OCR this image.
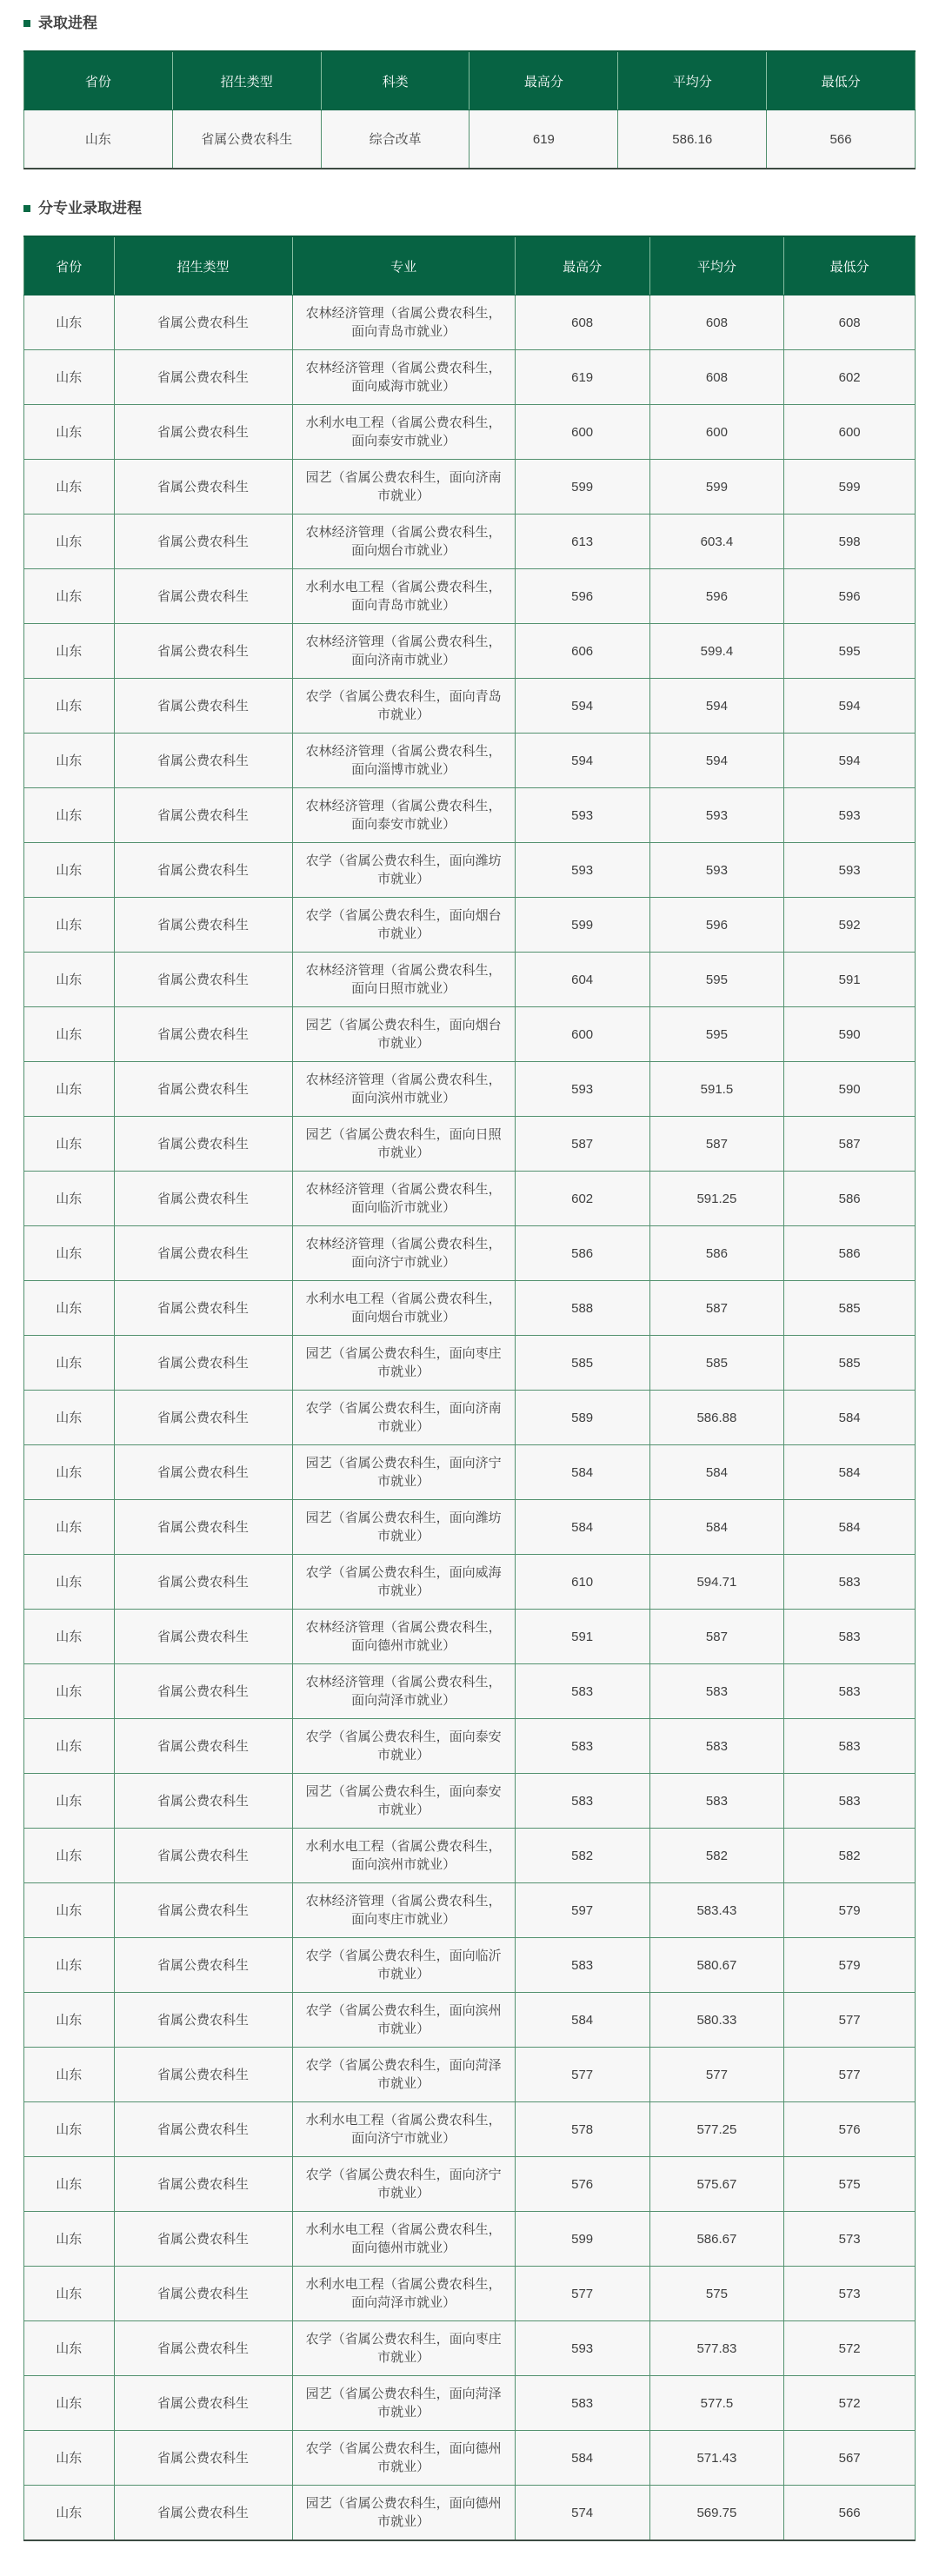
录取进程
省份	招生类型	科类	最高分	平均分	最低分
山东	省属公费农科生	综合改革	619	586.16	566
分专业录取进程
省份	招生类型	专业	最高分	平均分	最低分
山东	省属公费农科生	农林经济管理（省属公费农科生，面向青岛市就业）	608	608	608
山东	省属公费农科生	农林经济管理（省属公费农科生，面向威海市就业）	619	608	602
山东	省属公费农科生	水利水电工程（省属公费农科生，面向泰安市就业）	600	600	600
山东	省属公费农科生	园艺（省属公费农科生，面向济南市就业）	599	599	599
山东	省属公费农科生	农林经济管理（省属公费农科生，面向烟台市就业）	613	603.4	598
山东	省属公费农科生	水利水电工程（省属公费农科生，面向青岛市就业）	596	596	596
山东	省属公费农科生	农林经济管理（省属公费农科生，面向济南市就业）	606	599.4	595
山东	省属公费农科生	农学（省属公费农科生，面向青岛市就业）	594	594	594
山东	省属公费农科生	农林经济管理（省属公费农科生，面向淄博市就业）	594	594	594
山东	省属公费农科生	农林经济管理（省属公费农科生，面向泰安市就业）	593	593	593
山东	省属公费农科生	农学（省属公费农科生，面向潍坊市就业）	593	593	593
山东	省属公费农科生	农学（省属公费农科生，面向烟台市就业）	599	596	592
山东	省属公费农科生	农林经济管理（省属公费农科生，面向日照市就业）	604	595	591
山东	省属公费农科生	园艺（省属公费农科生，面向烟台市就业）	600	595	590
山东	省属公费农科生	农林经济管理（省属公费农科生，面向滨州市就业）	593	591.5	590
山东	省属公费农科生	园艺（省属公费农科生，面向日照市就业）	587	587	587
山东	省属公费农科生	农林经济管理（省属公费农科生，面向临沂市就业）	602	591.25	586
山东	省属公费农科生	农林经济管理（省属公费农科生，面向济宁市就业）	586	586	586
山东	省属公费农科生	水利水电工程（省属公费农科生，面向烟台市就业）	588	587	585
山东	省属公费农科生	园艺（省属公费农科生，面向枣庄市就业）	585	585	585
山东	省属公费农科生	农学（省属公费农科生，面向济南市就业）	589	586.88	584
山东	省属公费农科生	园艺（省属公费农科生，面向济宁市就业）	584	584	584
山东	省属公费农科生	园艺（省属公费农科生，面向潍坊市就业）	584	584	584
山东	省属公费农科生	农学（省属公费农科生，面向威海市就业）	610	594.71	583
山东	省属公费农科生	农林经济管理（省属公费农科生，面向德州市就业）	591	587	583
山东	省属公费农科生	农林经济管理（省属公费农科生，面向菏泽市就业）	583	583	583
山东	省属公费农科生	农学（省属公费农科生，面向泰安市就业）	583	583	583
山东	省属公费农科生	园艺（省属公费农科生，面向泰安市就业）	583	583	583
山东	省属公费农科生	水利水电工程（省属公费农科生，面向滨州市就业）	582	582	582
山东	省属公费农科生	农林经济管理（省属公费农科生，面向枣庄市就业）	597	583.43	579
山东	省属公费农科生	农学（省属公费农科生，面向临沂市就业）	583	580.67	579
山东	省属公费农科生	农学（省属公费农科生，面向滨州市就业）	584	580.33	577
山东	省属公费农科生	农学（省属公费农科生，面向菏泽市就业）	577	577	577
山东	省属公费农科生	水利水电工程（省属公费农科生，面向济宁市就业）	578	577.25	576
山东	省属公费农科生	农学（省属公费农科生，面向济宁市就业）	576	575.67	575
山东	省属公费农科生	水利水电工程（省属公费农科生，面向德州市就业）	599	586.67	573
山东	省属公费农科生	水利水电工程（省属公费农科生，面向菏泽市就业）	577	575	573
山东	省属公费农科生	农学（省属公费农科生，面向枣庄市就业）	593	577.83	572
山东	省属公费农科生	园艺（省属公费农科生，面向菏泽市就业）	583	577.5	572
山东	省属公费农科生	农学（省属公费农科生，面向德州市就业）	584	571.43	567
山东	省属公费农科生	园艺（省属公费农科生，面向德州市就业）	574	569.75	566
